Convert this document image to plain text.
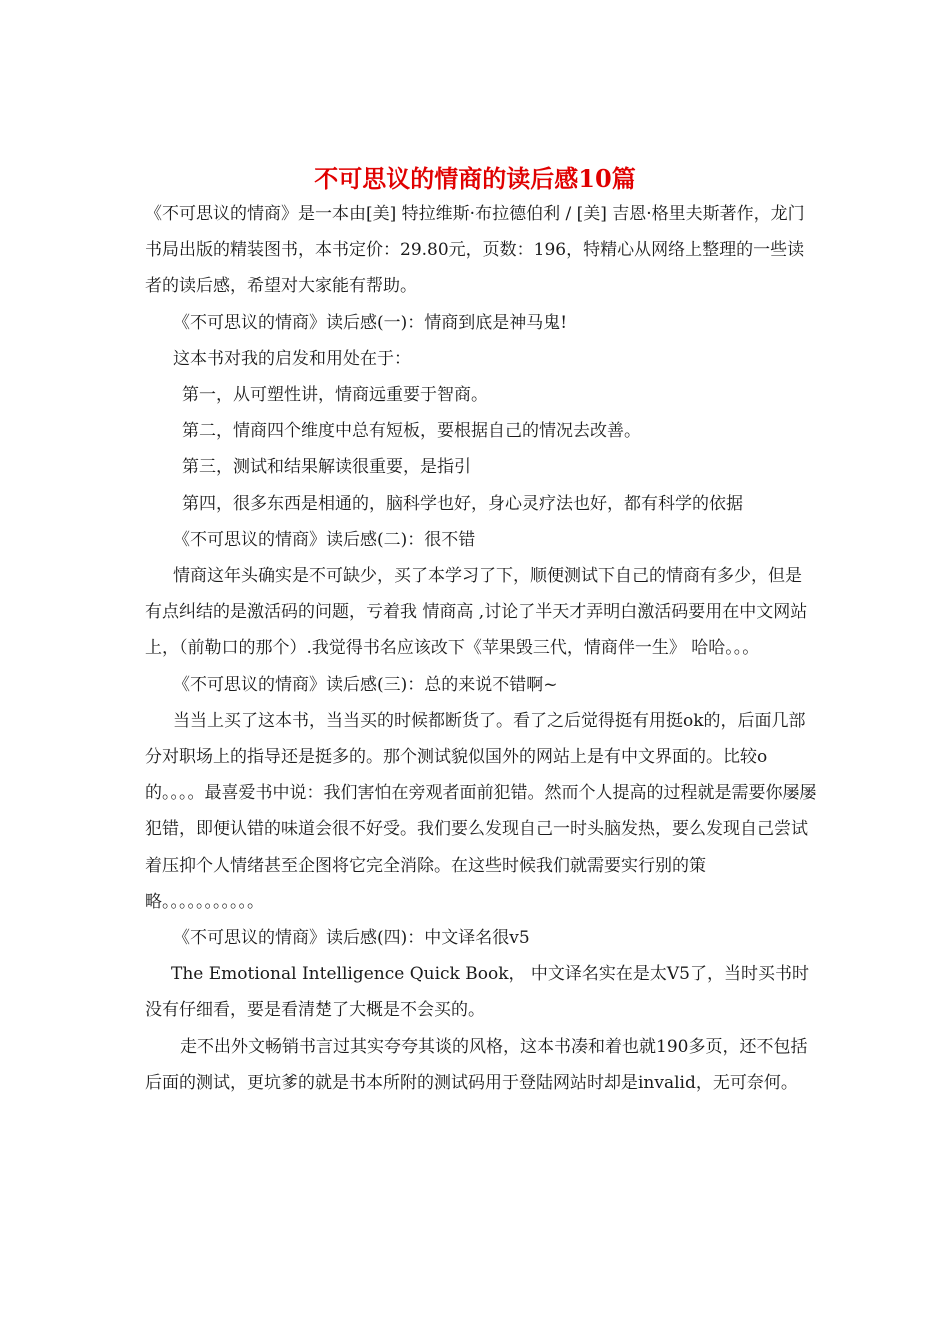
不可思议的情商的读后感10篇

《不可思议的情商》是一本由[美] 特拉维斯·布拉德伯利 / [美] 吉恩·格里夫斯著作，龙门书局出版的精装图书，本书定价：29.80元，页数：196，特精心从网络上整理的一些读者的读后感，希望对大家能有帮助。

《不可思议的情商》读后感(一)：情商到底是神马鬼!

这本书对我的启发和用处在于：

第一，从可塑性讲，情商远重要于智商。

第二，情商四个维度中总有短板，要根据自己的情况去改善。

第三，测试和结果解读很重要，是指引

第四，很多东西是相通的，脑科学也好，身心灵疗法也好，都有科学的依据

《不可思议的情商》读后感(二)：很不错

情商这年头确实是不可缺少，买了本学习了下，顺便测试下自己的情商有多少，但是有点纠结的是激活码的问题，亏着我 情商高 ,讨论了半天才弄明白激活码要用在中文网站上，（前勒口的那个）.我觉得书名应该改下《苹果毁三代，情商伴一生》 哈哈。。。

《不可思议的情商》读后感(三)：总的来说不错啊~

当当上买了这本书，当当买的时候都断货了。看了之后觉得挺有用挺ok的，后面几部分对职场上的指导还是挺多的。那个测试貌似国外的网站上是有中文界面的。比较o的。。。。最喜爱书中说：我们害怕在旁观者面前犯错。然而个人提高的过程就是需要你屡屡犯错，即便认错的味道会很不好受。我们要么发现自己一时头脑发热，要么发现自己尝试着压抑个人情绪甚至企图将它完全消除。在这些时候我们就需要实行别的策略。。。。。。。。。。。

《不可思议的情商》读后感(四)：中文译名很v5

The Emotional Intelligence Quick Book， 中文译名实在是太V5了，当时买书时没有仔细看，要是看清楚了大概是不会买的。

走不出外文畅销书言过其实夸夸其谈的风格，这本书凑和着也就190多页，还不包括后面的测试，更坑爹的就是书本所附的测试码用于登陆网站时却是invalid，无可奈何。
